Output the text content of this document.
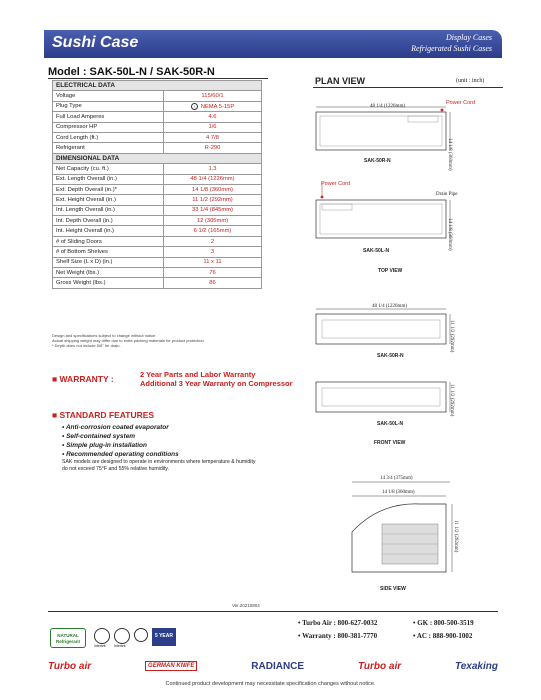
Sushi Case	Display Cases
Refrigerated Sushi Cases
Model : SAK-50L-N / SAK-50R-N
ELECTRICAL DATA	
Voltage	115/60/1
Plug Type	⁝ NEMA 5-15P
Full Load Amperes	4.6
Compressor HP	1/6
Cord Length (ft.)	4 7/8
Refrigerant	R-290
DIMENSIONAL DATA	
Net Capacity (cu. ft.)	1.3
Ext. Length Overall (in.)	48 1/4 (1226mm)
Ext. Depth Overall (in.)*	14 1/8 (360mm)
Ext. Height Overall (in.)	11 1/2 (292mm)
Int. Length Overall (in.)	33 1/4 (845mm)
Int. Depth Overall (in.)	12 (305mm)
Int. Height Overall (in.)	6 1/2 (165mm)
# of Sliding Doors	2
# of Bottom Shelves	3
Shelf Size (L x D) (in.)	11 x 11
Net Weight (lbs.)	76
Gross Weight (lbs.)	86
Design and specifications subject to change without notice.
Actual shipping weight may differ due to extra packing materials for product protection.
* Depth does not include 5/8" for drain.
■ WARRANTY :	2 Year Parts and Labor Warranty
Additional 3 Year Warranty on Compressor
■ STANDARD FEATURES
• Anti-corrosion coated evaporator
• Self-contained system
• Simple plug-in installation
• Recommended operating conditions
SAK models are designed to operate in environments where temperature & humidity do not exceed 75°F and 55% relative humidity.
PLAN VIEW	(unit : inch)
48 1/4 (1226mm)
Power Cord
14 1/8 (360mm)
SAK-50R-N
Power Cord
Drain Pipe
14 1/8 (360mm)
SAK-50L-N
TOP VIEW
48 1/4 (1226mm)
11 1/2 (292mm)
SAK-50R-N
11 1/2 (292mm)
SAK-50L-N
FRONT VIEW
14 3/4 (375mm)
14 1/8 (360mm)
11 1/2 (292mm)
SIDE VIEW
Ver.20210804
NATURAL Refrigerant
Intertek	Intertek
5 YEAR
• Turbo Air : 800-627-0032	• GK : 800-500-3519
• Warranty : 800-381-7770	• AC : 888-900-1002
Turbo air	GERMAN KNIFE	RADIANCE	Turbo air	Texaking
Continued product development may necessitate specification changes without notice.
